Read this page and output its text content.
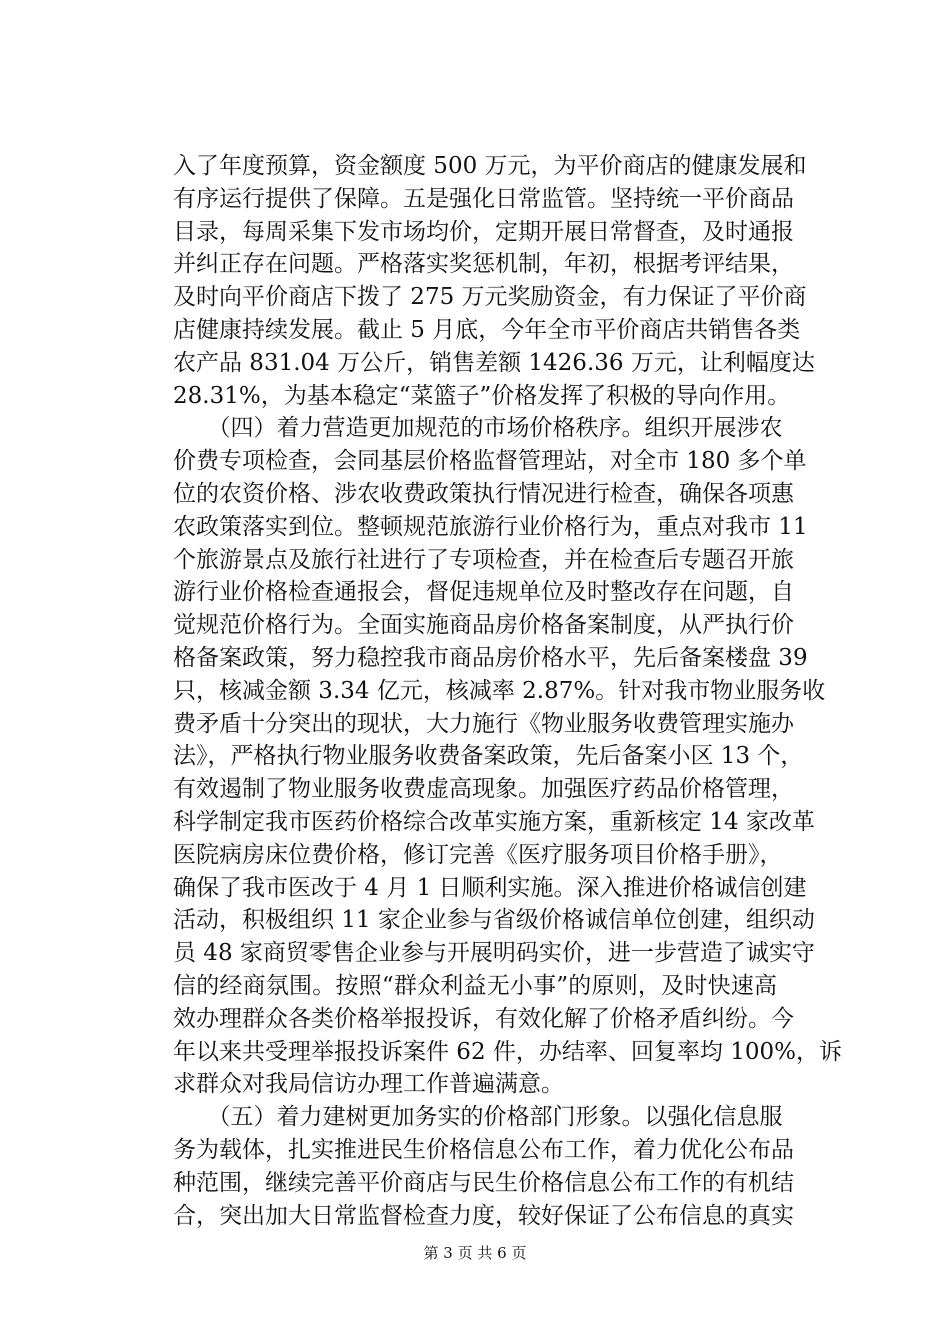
入了年度预算，资金额度 500 万元，为平价商店的健康发展和
有序运行提供了保障。五是强化日常监管。坚持统一平价商品
目录，每周采集下发市场均价，定期开展日常督查，及时通报
并纠正存在问题。严格落实奖惩机制，年初，根据考评结果，
及时向平价商店下拨了 275 万元奖励资金，有力保证了平价商
店健康持续发展。截止 5 月底，今年全市平价商店共销售各类
农产品 831.04 万公斤，销售差额 1426.36 万元，让利幅度达
28.31%，为基本稳定“菜篮子”价格发挥了积极的导向作用。
　　（四）着力营造更加规范的市场价格秩序。组织开展涉农
价费专项检查，会同基层价格监督管理站，对全市 180 多个单
位的农资价格、涉农收费政策执行情况进行检查，确保各项惠
农政策落实到位。整顿规范旅游行业价格行为，重点对我市 11
个旅游景点及旅行社进行了专项检查，并在检查后专题召开旅
游行业价格检查通报会，督促违规单位及时整改存在问题，自
觉规范价格行为。全面实施商品房价格备案制度，从严执行价
格备案政策，努力稳控我市商品房价格水平，先后备案楼盘 39
只，核减金额 3.34 亿元，核减率 2.87%。针对我市物业服务收
费矛盾十分突出的现状，大力施行《物业服务收费管理实施办
法》，严格执行物业服务收费备案政策，先后备案小区 13 个，
有效遏制了物业服务收费虚高现象。加强医疗药品价格管理，
科学制定我市医药价格综合改革实施方案，重新核定 14 家改革
医院病房床位费价格，修订完善《医疗服务项目价格手册》，
确保了我市医改于 4 月 1 日顺利实施。深入推进价格诚信创建
活动，积极组织 11 家企业参与省级价格诚信单位创建，组织动
员 48 家商贸零售企业参与开展明码实价，进一步营造了诚实守
信的经商氛围。按照“群众利益无小事”的原则，及时快速高
效办理群众各类价格举报投诉，有效化解了价格矛盾纠纷。今
年以来共受理举报投诉案件 62 件，办结率、回复率均 100%，诉
求群众对我局信访办理工作普遍满意。
　　（五）着力建树更加务实的价格部门形象。以强化信息服
务为载体，扎实推进民生价格信息公布工作，着力优化公布品
种范围，继续完善平价商店与民生价格信息公布工作的有机结
合，突出加大日常监督检查力度，较好保证了公布信息的真实
第 3 页 共 6 页
